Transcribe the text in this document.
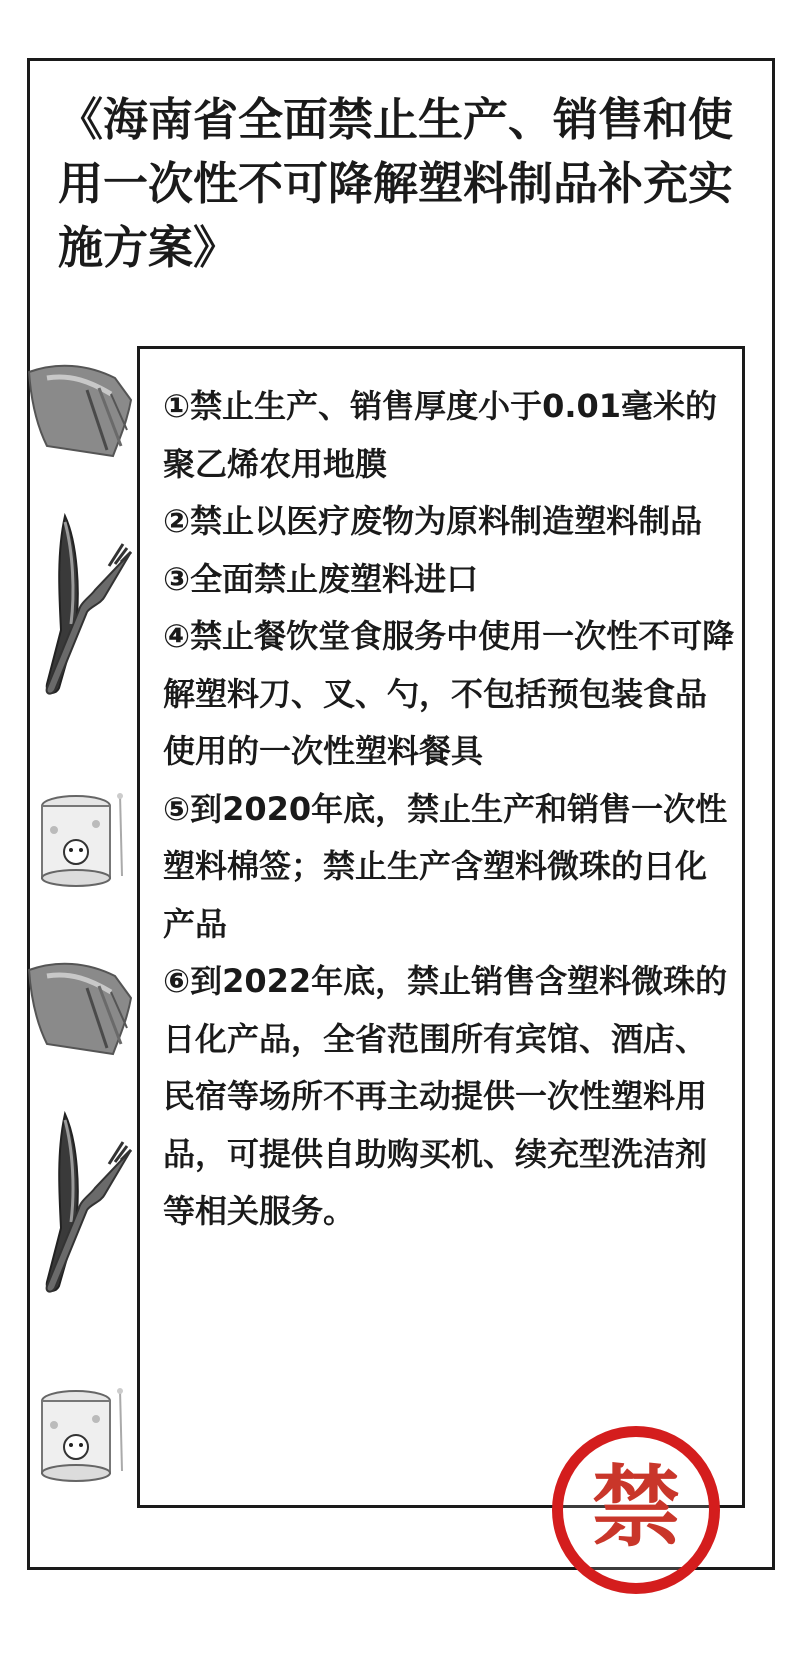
《海南省全面禁止生产、销售和使用一次性不可降解塑料制品补充实施方案》
①禁止生产、销售厚度小于0.01毫米的聚乙烯农用地膜
②禁止以医疗废物为原料制造塑料制品
③全面禁止废塑料进口
④禁止餐饮堂食服务中使用一次性不可降解塑料刀、叉、勺，不包括预包装食品使用的一次性塑料餐具
⑤到2020年底，禁止生产和销售一次性塑料棉签；禁止生产含塑料微珠的日化产品
⑥到2022年底，禁止销售含塑料微珠的日化产品，全省范围所有宾馆、酒店、民宿等场所不再主动提供一次性塑料用品，可提供自助购买机、续充型洗洁剂等相关服务。
禁
